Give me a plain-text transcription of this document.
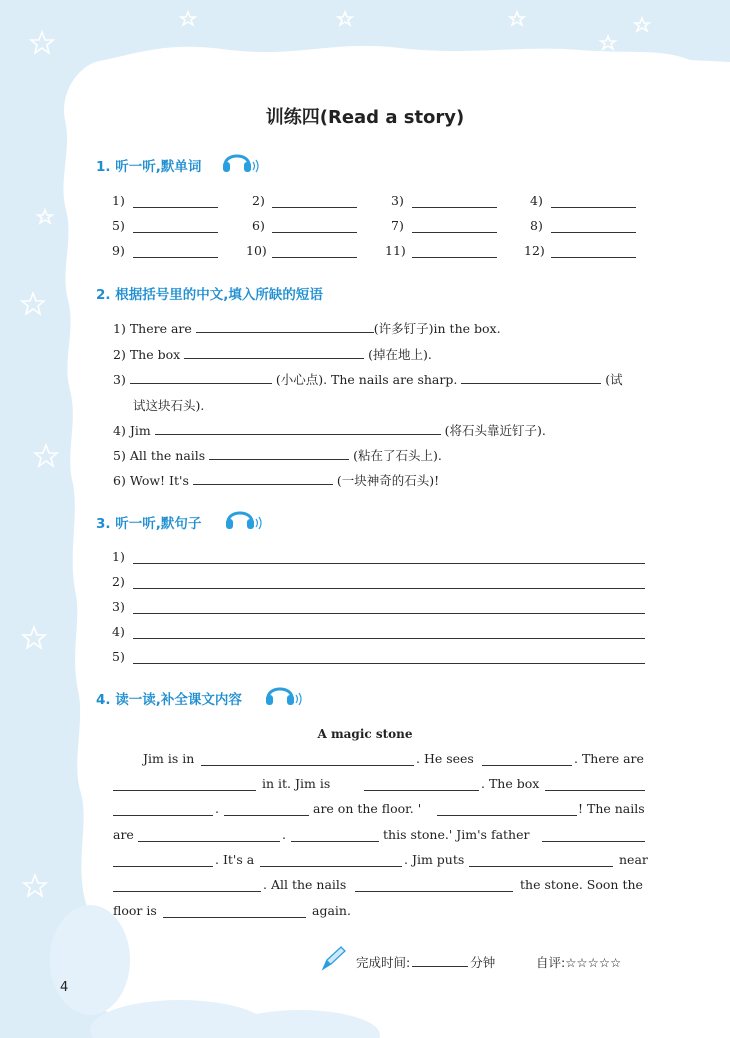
训练四(Read a story)
1. 听一听,默单词
1)	2)	3)	4)
5)	6)	7)	8)
9)	10)	11)	12)
2. 根据括号里的中文,填入所缺的短语
1) There are	(许多钉子)in the box.
2) The box	(掉在地上).
3)	(小心点). The nails are sharp.	(试
试这块石头).
4) Jim	(将石头靠近钉子).
5) All the nails	(粘在了石头上).
6) Wow! It's	(一块神奇的石头)!
3. 听一听,默句子
1)
2)
3)
4)
5)
4. 读一读,补全课文内容
A magic stone
Jim is in	. He sees	. There are
in it. Jim is	. The box
.	are on the floor. '	! The nails
are	.	this stone.' Jim's father
. It's a	. Jim puts	near
. All the nails	the stone. Soon the
floor is	again.
完成时间:	分钟	自评:☆☆☆☆☆
4
